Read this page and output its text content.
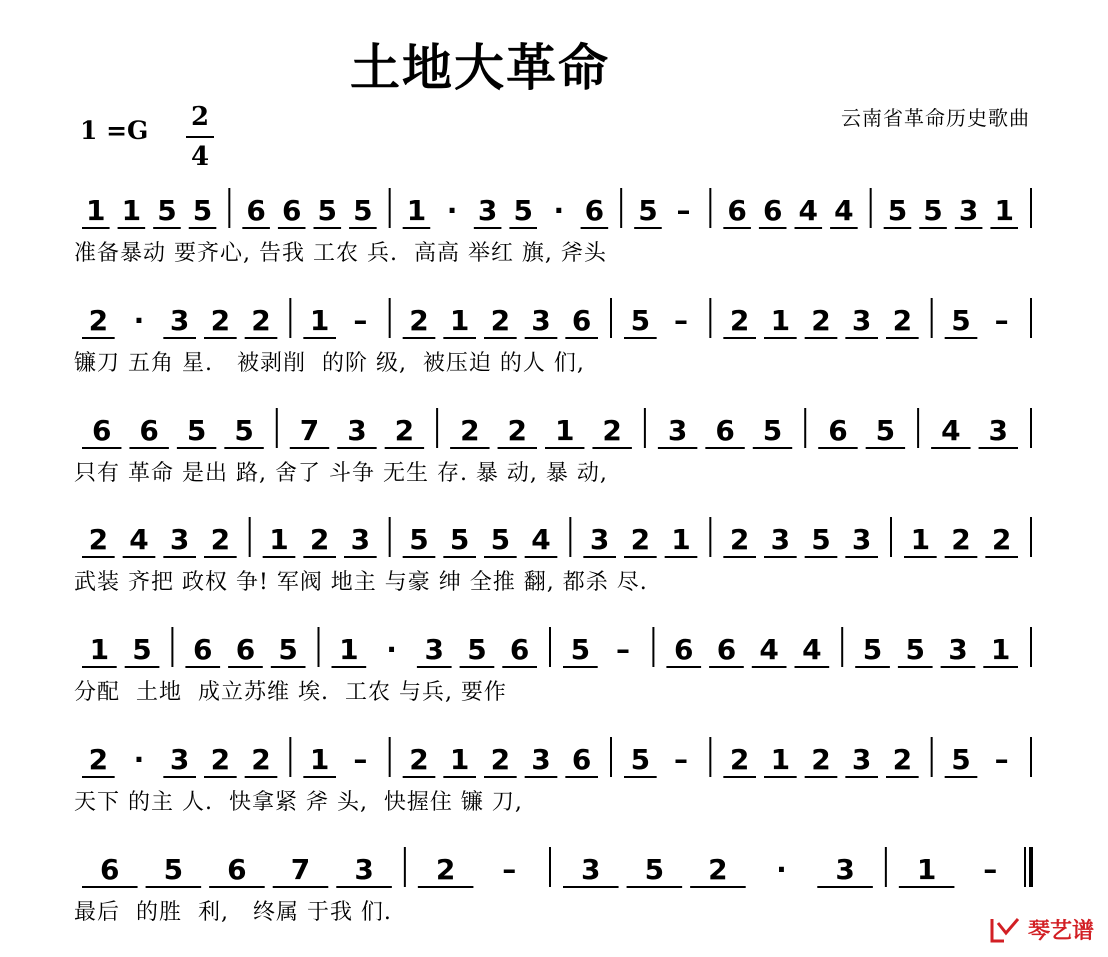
土地大革命
1 =G	2
4
云南省革命历史歌曲
1 1 5 5 6 6 5 5 1 · 3 5 · 6 5 – 6 6 4 4 5 5 3 1
准备暴动 要齐心, 告我 工农 兵.  高高 举红 旗, 斧头
2 · 3 2 2 1 – 2 1 2 3 6 5 – 2 1 2 3 2 5 –
镰刀 五角 星.   被剥削  的阶 级,  被压迫 的人 们,
6 6 5 5 7 3 2 2 2 1 2 3 6 5 6 5 4 3
只有 革命 是出 路, 舍了 斗争 无生 存. 暴 动, 暴 动,
2 4 3 2 1 2 3 5 5 5 4 3 2 1 2 3 5 3 1 2 2
武装 齐把 政权 争! 军阀 地主 与豪 绅 全推 翻, 都杀 尽.
1 5 6 6 5 1 · 3 5 6 5 – 6 6 4 4 5 5 3 1
分配  土地  成立苏维 埃.  工农 与兵, 要作
2 · 3 2 2 1 – 2 1 2 3 6 5 – 2 1 2 3 2 5 –
天下 的主 人.  快拿紧 斧 头,  快握住 镰 刀,
6 5 6 7 3 2 – 3 5 2 · 3 1 –
最后  的胜  利,   终属 于我 们.
琴艺谱
